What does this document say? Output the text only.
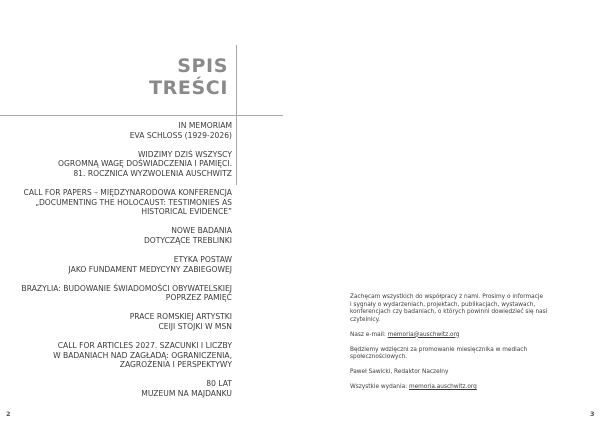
SPIS
TREŚCI
IN MEMORIAM
EVA SCHLOSS (1929-2026)
WIDZIMY DZIŚ WSZYSCY
OGROMNĄ WAGĘ DOŚWIADCZENIA I PAMIĘCI.
81. ROCZNICA WYZWOLENIA AUSCHWITZ
CALL FOR PAPERS – MIĘDZYNARODOWA KONFERENCJA
„DOCUMENTING THE HOLOCAUST: TESTIMONIES AS
HISTORICAL EVIDENCE”
NOWE BADANIA
DOTYCZĄCE TREBLINKI
ETYKA POSTAW
JAKO FUNDAMENT MEDYCYNY ZABIEGOWEJ
BRAZYLIA: BUDOWANIE ŚWIADOMOŚCI OBYWATELSKIEJ
POPRZEZ PAMIĘĆ
PRACE ROMSKIEJ ARTYSTKI
CEIJI STOJKI W MSN
CALL FOR ARTICLES 2027. SZACUNKI I LICZBY
W BADANIACH NAD ZAGŁADĄ: OGRANICZENIA,
ZAGROŻENIA I PERSPEKTYWY
80 LAT
MUZEUM NA MAJDANKU
2

Zachęcam wszystkich do współpracy z nami. Prosimy o informacje
i sygnały o wydarzeniach, projektach, publikacjach, wystawach,
konferencjach czy badaniach, o których powinni dowiedzieć się nasi
czytelnicy.

Nasz e-mail: memoria@auschwitz.org

Będziemy wdzięczni za promowanie miesięcznika w mediach
społecznościowych.

Paweł Sawicki, Redaktor Naczelny

Wszystkie wydania: memoria.auschwitz.org

3
